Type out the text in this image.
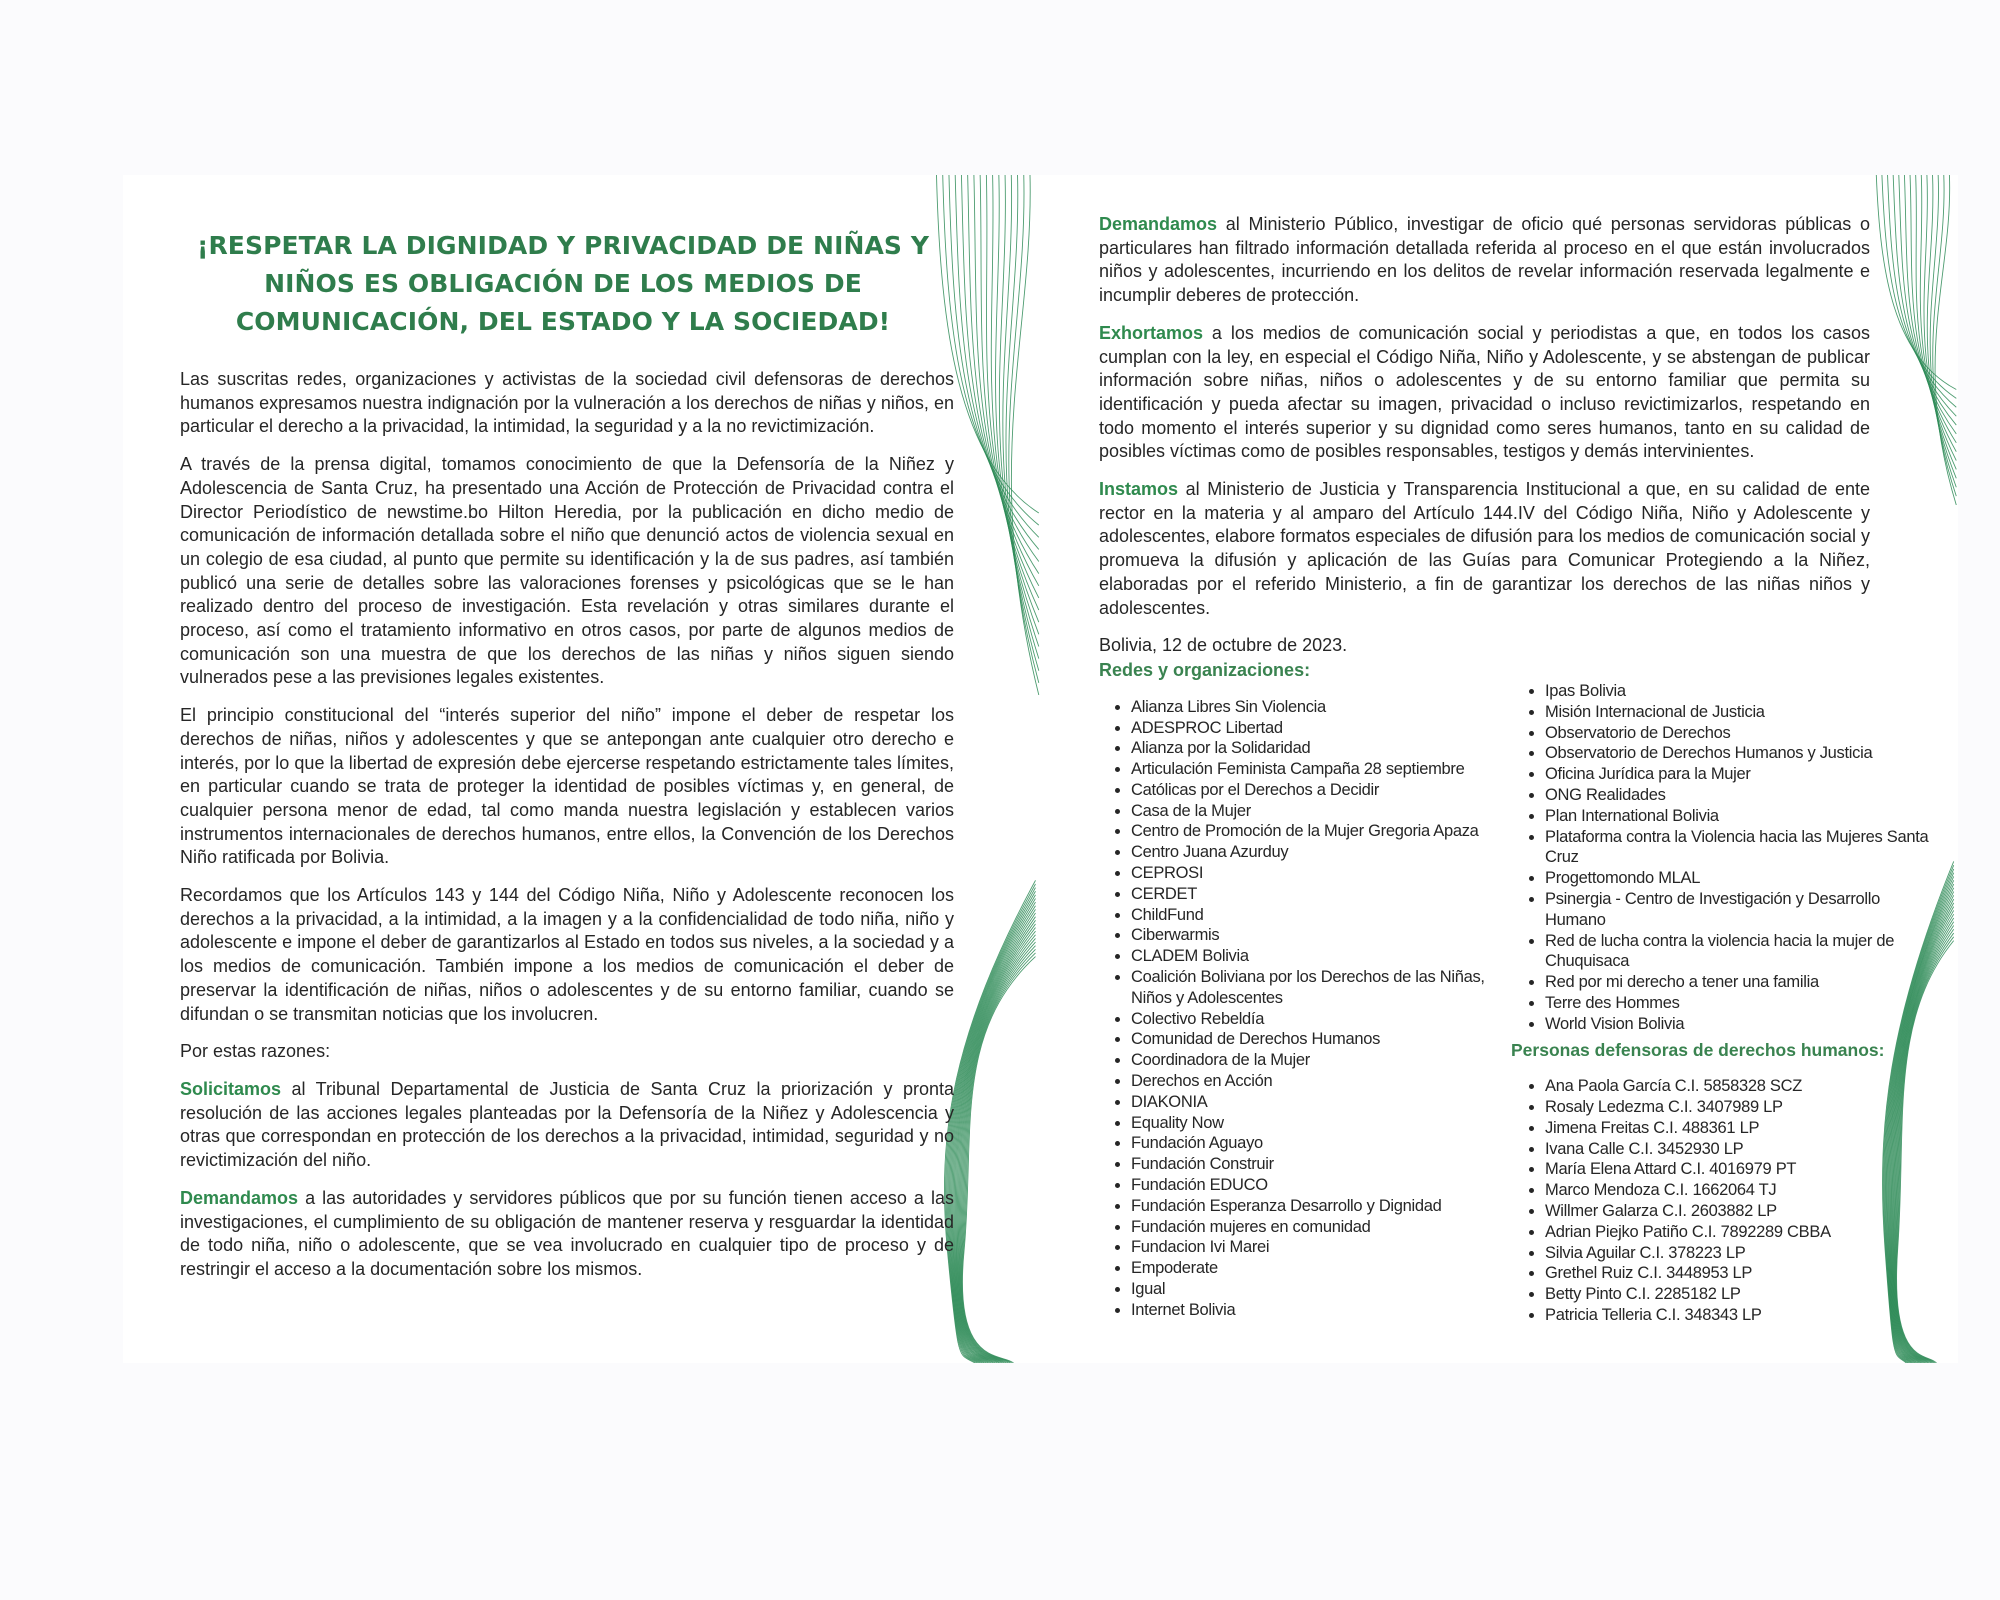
¡RESPETAR LA DIGNIDAD Y PRIVACIDAD DE NIÑAS Y NIÑOS ES OBLIGACIÓN DE LOS MEDIOS DE COMUNICACIÓN, DEL ESTADO Y LA SOCIEDAD!

Las suscritas redes, organizaciones y activistas de la sociedad civil defensoras de derechos humanos expresamos nuestra indignación por la vulneración a los derechos de niñas y niños, en particular el derecho a la privacidad, la intimidad, la seguridad y a la no revictimización.

A través de la prensa digital, tomamos conocimiento de que la Defensoría de la Niñez y Adolescencia de Santa Cruz, ha presentado una Acción de Protección de Privacidad contra el Director Periodístico de newstime.bo Hilton Heredia, por la publicación en dicho medio de comunicación de información detallada sobre el niño que denunció actos de violencia sexual en un colegio de esa ciudad, al punto que permite su identificación y la de sus padres, así también publicó una serie de detalles sobre las valoraciones forenses y psicológicas que se le han realizado dentro del proceso de investigación. Esta revelación y otras similares durante el proceso, así como el tratamiento informativo en otros casos, por parte de algunos medios de comunicación son una muestra de que los derechos de las niñas y niños siguen siendo vulnerados pese a las previsiones legales existentes.

El principio constitucional del “interés superior del niño” impone el deber de respetar los derechos de niñas, niños y adolescentes y que se antepongan ante cualquier otro derecho e interés, por lo que la libertad de expresión debe ejercerse respetando estrictamente tales límites, en particular cuando se trata de proteger la identidad de posibles víctimas y, en general, de cualquier persona menor de edad, tal como manda nuestra legislación y establecen varios instrumentos internacionales de derechos humanos, entre ellos, la Convención de los Derechos Niño ratificada por Bolivia.

Recordamos que los Artículos 143 y 144 del Código Niña, Niño y Adolescente reconocen los derechos a la privacidad, a la intimidad, a la imagen y a la confidencialidad de todo niña, niño y adolescente e impone el deber de garantizarlos al Estado en todos sus niveles, a la sociedad y a los medios de comunicación. También impone a los medios de comunicación el deber de preservar la identificación de niñas, niños o adolescentes y de su entorno familiar, cuando se difundan o se transmitan noticias que los involucren.

Por estas razones:

Solicitamos al Tribunal Departamental de Justicia de Santa Cruz la priorización y pronta resolución de las acciones legales planteadas por la Defensoría de la Niñez y Adolescencia y otras que correspondan en protección de los derechos a la privacidad, intimidad, seguridad y no revictimización del niño.

Demandamos a las autoridades y servidores públicos que por su función tienen acceso a las investigaciones, el cumplimiento de su obligación de mantener reserva y resguardar la identidad de todo niña, niño o adolescente, que se vea involucrado en cualquier tipo de proceso y de restringir el acceso a la documentación sobre los mismos.

Demandamos al Ministerio Público, investigar de oficio qué personas servidoras públicas o particulares han filtrado información detallada referida al proceso en el que están involucrados niños y adolescentes, incurriendo en los delitos de revelar información reservada legalmente e incumplir deberes de protección.

Exhortamos a los medios de comunicación social y periodistas a que, en todos los casos cumplan con la ley, en especial el Código Niña, Niño y Adolescente, y se abstengan de publicar información sobre niñas, niños o adolescentes y de su entorno familiar que permita su identificación y pueda afectar su imagen, privacidad o incluso revictimizarlos, respetando en todo momento el interés superior y su dignidad como seres humanos, tanto en su calidad de posibles víctimas como de posibles responsables, testigos y demás intervinientes.

Instamos al Ministerio de Justicia y Transparencia Institucional a que, en su calidad de ente rector en la materia y al amparo del Artículo 144.IV del Código Niña, Niño y Adolescente y adolescentes, elabore formatos especiales de difusión para los medios de comunicación social y promueva la difusión y aplicación de las Guías para Comunicar Protegiendo a la Niñez, elaboradas por el referido Ministerio, a fin de garantizar los derechos de las niñas niños y adolescentes.

Bolivia, 12 de octubre de 2023.

Redes y organizaciones:

• Alianza Libres Sin Violencia
• ADESPROC Libertad
• Alianza por la Solidaridad
• Articulación Feminista Campaña 28 septiembre
• Católicas por el Derechos a Decidir
• Casa de la Mujer
• Centro de Promoción de la Mujer Gregoria Apaza
• Centro Juana Azurduy
• CEPROSI
• CERDET
• ChildFund
• Ciberwarmis
• CLADEM Bolivia
• Coalición Boliviana por los Derechos de las Niñas, Niños y Adolescentes
• Colectivo Rebeldía
• Comunidad de Derechos Humanos
• Coordinadora de la Mujer
• Derechos en Acción
• DIAKONIA
• Equality Now
• Fundación Aguayo
• Fundación Construir
• Fundación EDUCO
• Fundación Esperanza Desarrollo y Dignidad
• Fundación mujeres en comunidad
• Fundacion Ivi Marei
• Empoderate
• Igual
• Internet Bolivia
• Ipas Bolivia
• Misión Internacional de Justicia
• Observatorio de Derechos
• Observatorio de Derechos Humanos y Justicia
• Oficina Jurídica para la Mujer
• ONG Realidades
• Plan International Bolivia
• Plataforma contra la Violencia hacia las Mujeres Santa Cruz
• Progettomondo MLAL
• Psinergia - Centro de Investigación y Desarrollo Humano
• Red de lucha contra la violencia hacia la mujer de Chuquisaca
• Red por mi derecho a tener una familia
• Terre des Hommes
• World Vision Bolivia

Personas defensoras de derechos humanos:

• Ana Paola García C.I. 5858328 SCZ
• Rosaly Ledezma C.I. 3407989 LP
• Jimena Freitas C.I. 488361 LP
• Ivana Calle C.I. 3452930 LP
• María Elena Attard C.I. 4016979 PT
• Marco Mendoza C.I. 1662064 TJ
• Willmer Galarza C.I. 2603882 LP
• Adrian Piejko Patiño C.I. 7892289 CBBA
• Silvia Aguilar C.I. 378223 LP
• Grethel Ruiz C.I. 3448953 LP
• Betty Pinto C.I. 2285182 LP
• Patricia Telleria C.I. 348343 LP
